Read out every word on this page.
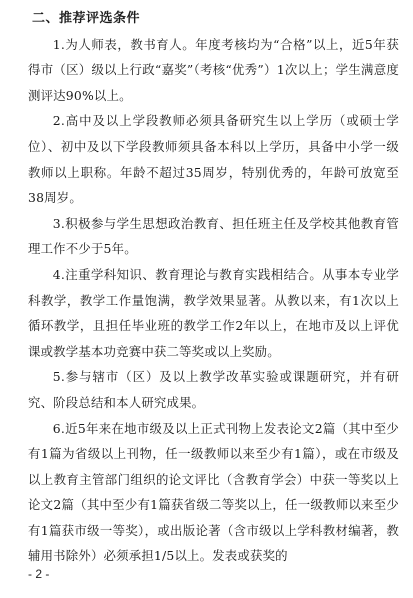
二、推荐评选条件

1.为人师表，教书育人。年度考核均为“合格”以上，近5年获得市（区）级以上行政“嘉奖”（考核“优秀”）1次以上；学生满意度测评达90%以上。

2.高中及以上学段教师必须具备研究生以上学历（或硕士学位）、初中及以下学段教师须具备本科以上学历，具备中小学一级教师以上职称。年龄不超过35周岁，特别优秀的，年龄可放宽至38周岁。

3.积极参与学生思想政治教育、担任班主任及学校其他教育管理工作不少于5年。

4.注重学科知识、教育理论与教育实践相结合。从事本专业学科教学，教学工作量饱满，教学效果显著。从教以来，有1次以上循环教学，且担任毕业班的教学工作2年以上，在地市及以上评优课或教学基本功竞赛中获二等奖或以上奖励。

5.参与辖市（区）及以上教学改革实验或课题研究，并有研究、阶段总结和本人研究成果。

6.近5年来在地市级及以上正式刊物上发表论文2篇（其中至少有1篇为省级以上刊物，任一级教师以来至少有1篇），或在市级及以上教育主管部门组织的论文评比（含教育学会）中获一等奖以上论文2篇（其中至少有1篇获省级二等奖以上，任一级教师以来至少有1篇获市级一等奖），或出版论著（含市级以上学科教材编著，教辅用书除外）必须承担1/5以上。发表或获奖的

- 2 -
